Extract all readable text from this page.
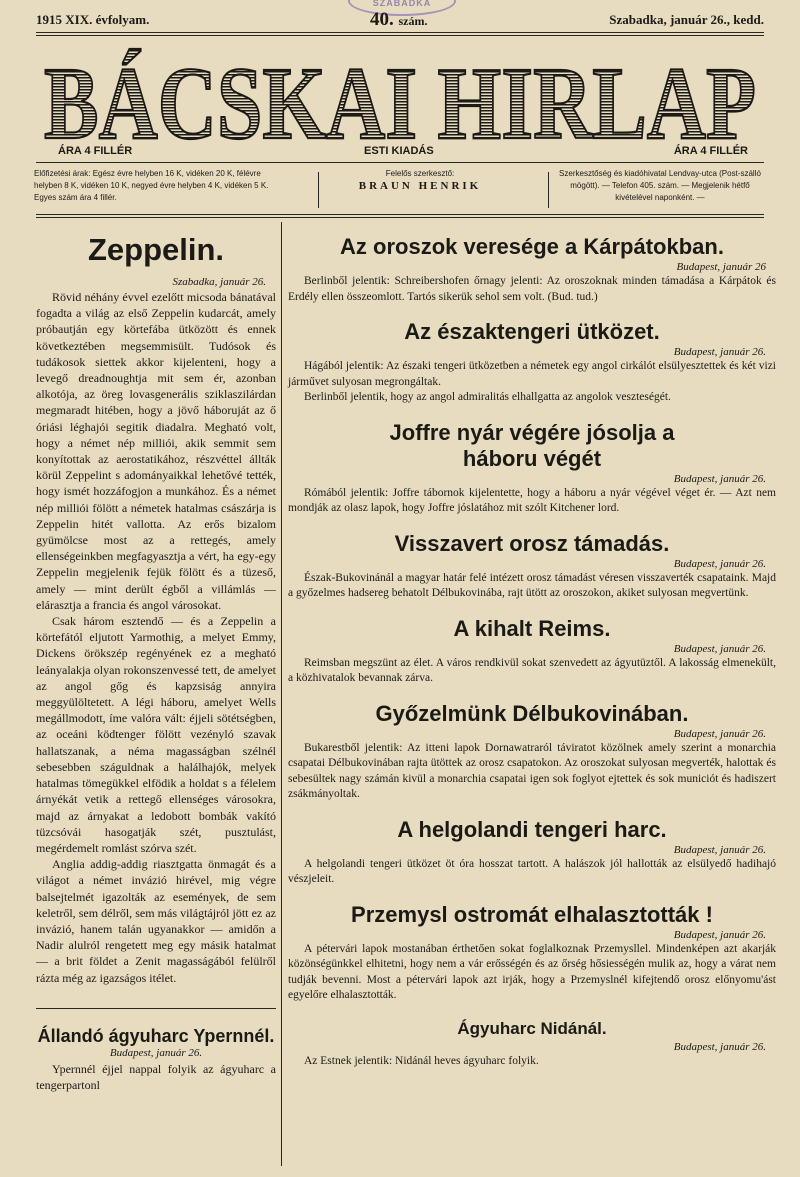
SZABADKA
1915 XIX. évfolyam.	40. szám.	Szabadka, január 26., kedd.
BÁCSKAI HIRLAP
ÁRA 4 FILLÉR	ESTI KIADÁS	ÁRA 4 FILLÉR
Előfizetési árak: Egész évre helyben 16 K, vidéken 20 K, félévre helyben 8 K, vidéken 10 K, negyed évre helyben 4 K, vidéken 5 K. Egyes szám ára 4 fillér.
Felelős szerkesztő:
BRAUN HENRIK
Szerkesztőség és kiadóhivatal Lendvay-utca (Post-szálló mögött). — Telefon 405. szám. — Megjelenik hétfő kivételével naponként. —
Zeppelin.
Szabadka, január 26.

Rövid néhány évvel ezelőtt micsoda bánatával fogadta a világ az első Zeppelin kudarcát, amely próbautján egy körtefába ütközött és ennek következtében megsemmisült. Tudósok és tudákosok siettek akkor kijelenteni, hogy a levegő dreadnoughtja mit sem ér, azonban alkotója, az öreg lovasgenerális sziklaszilárdan megmaradt hitében, hogy a jövő háboruját az ő óriási léghajói segitik diadalra. Megható volt, hogy a német nép milliói, akik semmit sem konyítottak az aerostatikához, részvéttel állták körül Zeppelint s adományaikkal lehetővé tették, hogy ismét hozzáfogjon a munkához. És a német nép milliói fölött a németek hatalmas császárja is Zeppelin hitét vallotta. Az erős bizalom gyümölcse most az a rettegés, amely ellenségeinkben megfagyasztja a vért, ha egy-egy Zeppelin megjelenik fejük fölött és a tüzeső, amely — mint derült égből a villámlás — elárasztja a francia és angol városokat.

Csak három esztendő — és a Zeppelin a körtefától eljutott Yarmothig, a melyet Emmy, Dickens örökszép regényének ez a megható leányalakja olyan rokonszenvessé tett, de amelyet az angol gőg és kapzsiság annyira meggyülöltetett. A légi háboru, amelyet Wells megállmodott, íme valóra vált: éjjeli sötétségben, az oceáni ködtenger fölött vezényló szavak hallatszanak, a néma magasságban szélnél sebesebben száguldnak a halálhajók, melyek hatalmas tömegükkel elfödik a holdat s a félelem árnyékát vetik a rettegő ellenséges városokra, majd az árnyakat a ledobott bombák vakító tüzcsóvái hasogatják szét, pusztulást, megérdemelt romlást szórva szét.

Anglia addig-addig riasztgatta önmagát és a világot a német invázió hirével, mig végre balsejtelmét igazolták az események, de sem keletről, sem délről, sem más világtájról jött ez az invázió, hanem talán ugyanakkor — amidőn a Nadir alulról rengetett meg egy másik hatalmat — a brit földet a Zenit magasságából felülről rázta még az igazságos itélet.

Állandó ágyuharc Ypernnél.
Budapest, január 26.

Ypernnél éjjel nappal folyik az ágyuharc a tengerpartonl

Az oroszok veresége a Kárpátokban.
Budapest, január 26

Berlinből jelentik: Schreibershofen őrnagy jelenti: Az oroszoknak minden támadása a Kárpátok és Erdély ellen összeomlott. Tartós sikerük sehol sem volt. (Bud. tud.)

Az északtengeri ütközet.
Budapest, január 26.

Hágából jelentik: Az északi tengeri ütközetben a németek egy angol cirkálót elsülyesztettek és két vizi járművet sulyosan megrongáltak.

Berlinből jelentik, hogy az angol admiralitás elhallgatta az angolok veszteségét.

Joffre nyár végére jósolja a háboru végét
Budapest, január 26.

Rómából jelentik: Joffre tábornok kijelentette, hogy a háboru a nyár végével véget ér. — Azt nem mondják az olasz lapok, hogy Joffre jóslatához mit szólt Kitchener lord.

Visszavert orosz támadás.
Budapest, január 26.

Észak-Bukovinánál a magyar határ felé intézett orosz támadást véresen visszaverték csapataink. Majd a győzelmes hadsereg behatolt Délbukovinába, rajt ütött az oroszokon, akiket sulyosan megvertünk.

A kihalt Reims.
Budapest, január 26.

Reimsban megszünt az élet. A város rendkivül sokat szenvedett az ágyutüztől. A lakosság elmenekült, a közhivatalok bevannak zárva.

Győzelmünk Délbukovinában.
Budapest, január 26.

Bukarestből jelentik: Az itteni lapok Dornawatraról táviratot közölnek amely szerint a monarchia csapatai Délbukovinában rajta ütöttek az orosz csapatokon. Az oroszokat sulyosan megverték, halottak és sebesültek nagy számán kivül a monarchia csapatai igen sok foglyot ejtettek és sok municiót és hadiszert zsákmányoltak.

A helgolandi tengeri harc.
Budapest, január 26.

A helgolandi tengeri ütközet öt óra hosszat tartott. A halászok jól hallották az elsülyedő hadihajó vészjeleit.

Przemysl ostromát elhalasztották !
Budapest, január 26.

A pétervári lapok mostanában érthetően sokat foglalkoznak Przemysllel. Mindenképen azt akarják közönségünkkel elhitetni, hogy nem a vár erősségén és az őrség hősiességén mulik az, hogy a várat nem tudják bevenni. Most a pétervári lapok azt irják, hogy a Przemyslnél kifejtendő orosz előnyomu'ást egyelőre elhalasztották.

Ágyuharc Nidánál.
Budapest, január 26.

Az Estnek jelentik: Nidánál heves ágyuharc folyik.
